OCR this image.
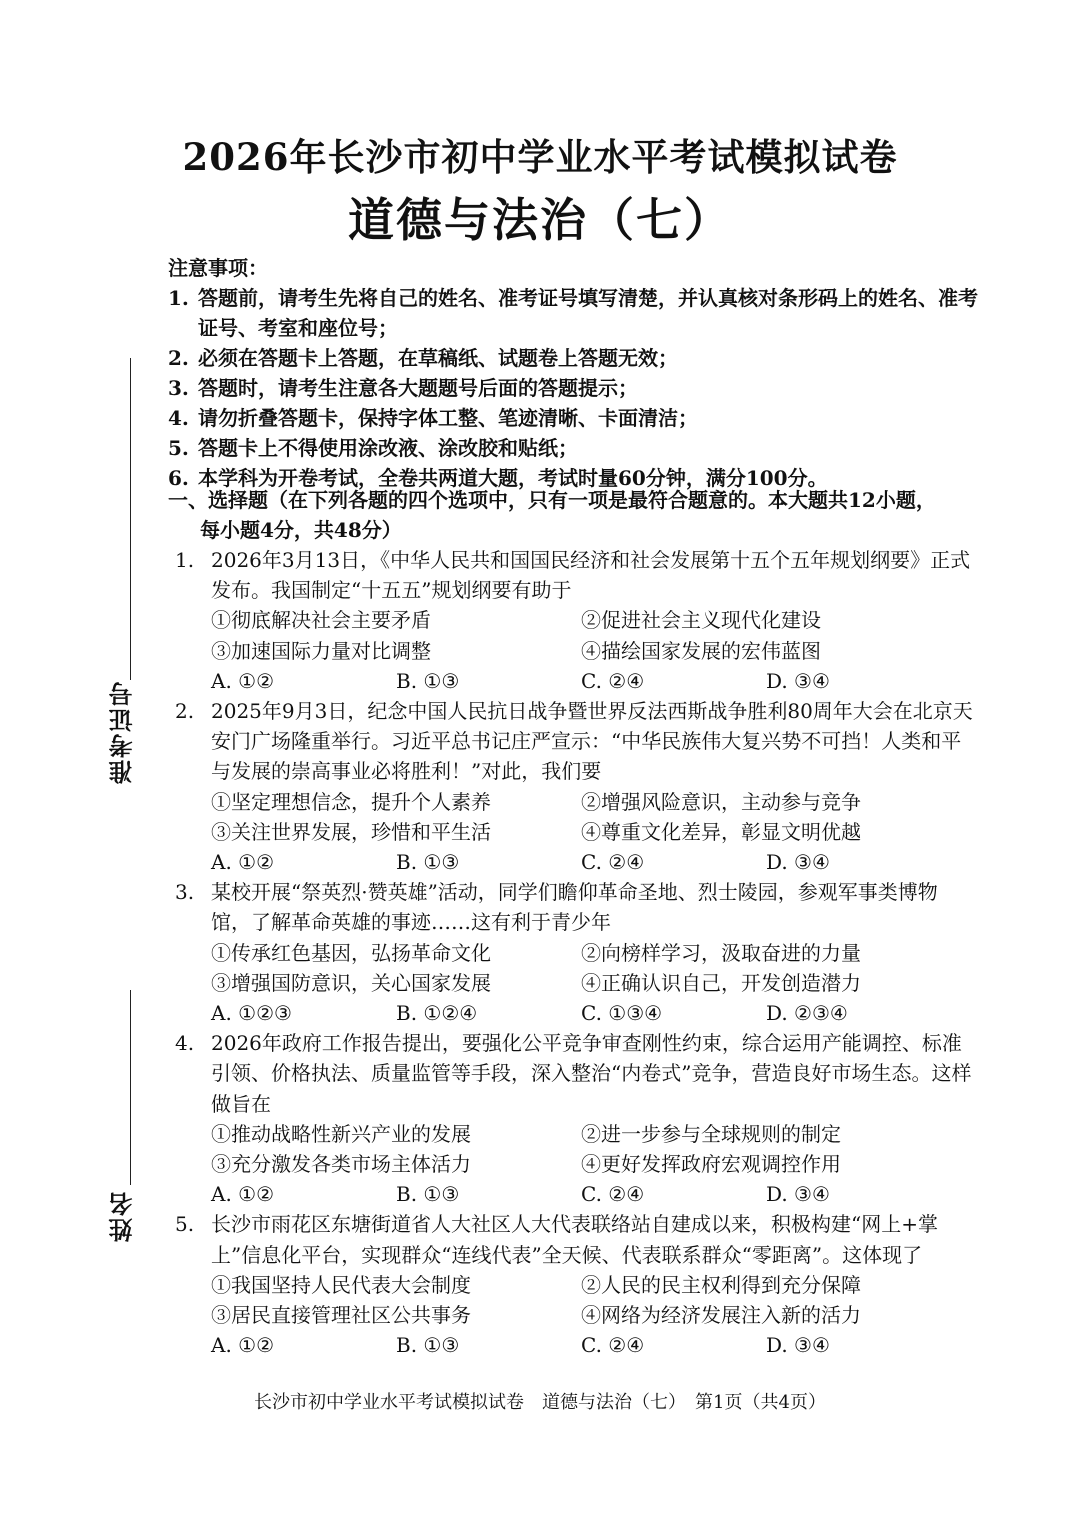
2026年长沙市初中学业水平考试模拟试卷
道德与法治（七）
准考证号
姓名
注意事项：
1. 答题前，请考生先将自己的姓名、准考证号填写清楚，并认真核对条形码上的姓名、准考证号、考室和座位号；
2. 必须在答题卡上答题，在草稿纸、试题卷上答题无效；
3. 答题时，请考生注意各大题题号后面的答题提示；
4. 请勿折叠答题卡，保持字体工整、笔迹清晰、卡面清洁；
5. 答题卡上不得使用涂改液、涂改胶和贴纸；
6. 本学科为开卷考试，全卷共两道大题，考试时量60分钟，满分100分。
一、选择题（在下列各题的四个选项中，只有一项是最符合题意的。本大题共12小题，
每小题4分，共48分）
1. 2026年3月13日，《中华人民共和国国民经济和社会发展第十五个五年规划纲要》正式发布。我国制定“十五五”规划纲要有助于
①彻底解决社会主要矛盾	②促进社会主义现代化建设
③加速国际力量对比调整	④描绘国家发展的宏伟蓝图
A. ①②	B. ①③	C. ②④	D. ③④
2. 2025年9月3日，纪念中国人民抗日战争暨世界反法西斯战争胜利80周年大会在北京天安门广场隆重举行。习近平总书记庄严宣示：“中华民族伟大复兴势不可挡！人类和平与发展的崇高事业必将胜利！”对此，我们要
①坚定理想信念，提升个人素养	②增强风险意识，主动参与竞争
③关注世界发展，珍惜和平生活	④尊重文化差异，彰显文明优越
A. ①②	B. ①③	C. ②④	D. ③④
3. 某校开展“祭英烈·赞英雄”活动，同学们瞻仰革命圣地、烈士陵园，参观军事类博物馆，了解革命英雄的事迹……这有利于青少年
①传承红色基因，弘扬革命文化	②向榜样学习，汲取奋进的力量
③增强国防意识，关心国家发展	④正确认识自己，开发创造潜力
A. ①②③	B. ①②④	C. ①③④	D. ②③④
4. 2026年政府工作报告提出，要强化公平竞争审查刚性约束，综合运用产能调控、标准引领、价格执法、质量监管等手段，深入整治“内卷式”竞争，营造良好市场生态。这样做旨在
①推动战略性新兴产业的发展	②进一步参与全球规则的制定
③充分激发各类市场主体活力	④更好发挥政府宏观调控作用
A. ①②	B. ①③	C. ②④	D. ③④
5. 长沙市雨花区东塘街道省人大社区人大代表联络站自建成以来，积极构建“网上+掌上”信息化平台，实现群众“连线代表”全天候、代表联系群众“零距离”。这体现了
①我国坚持人民代表大会制度	②人民的民主权利得到充分保障
③居民直接管理社区公共事务	④网络为经济发展注入新的活力
A. ①②	B. ①③	C. ②④	D. ③④
长沙市初中学业水平考试模拟试卷　道德与法治（七）　第1页（共4页）
